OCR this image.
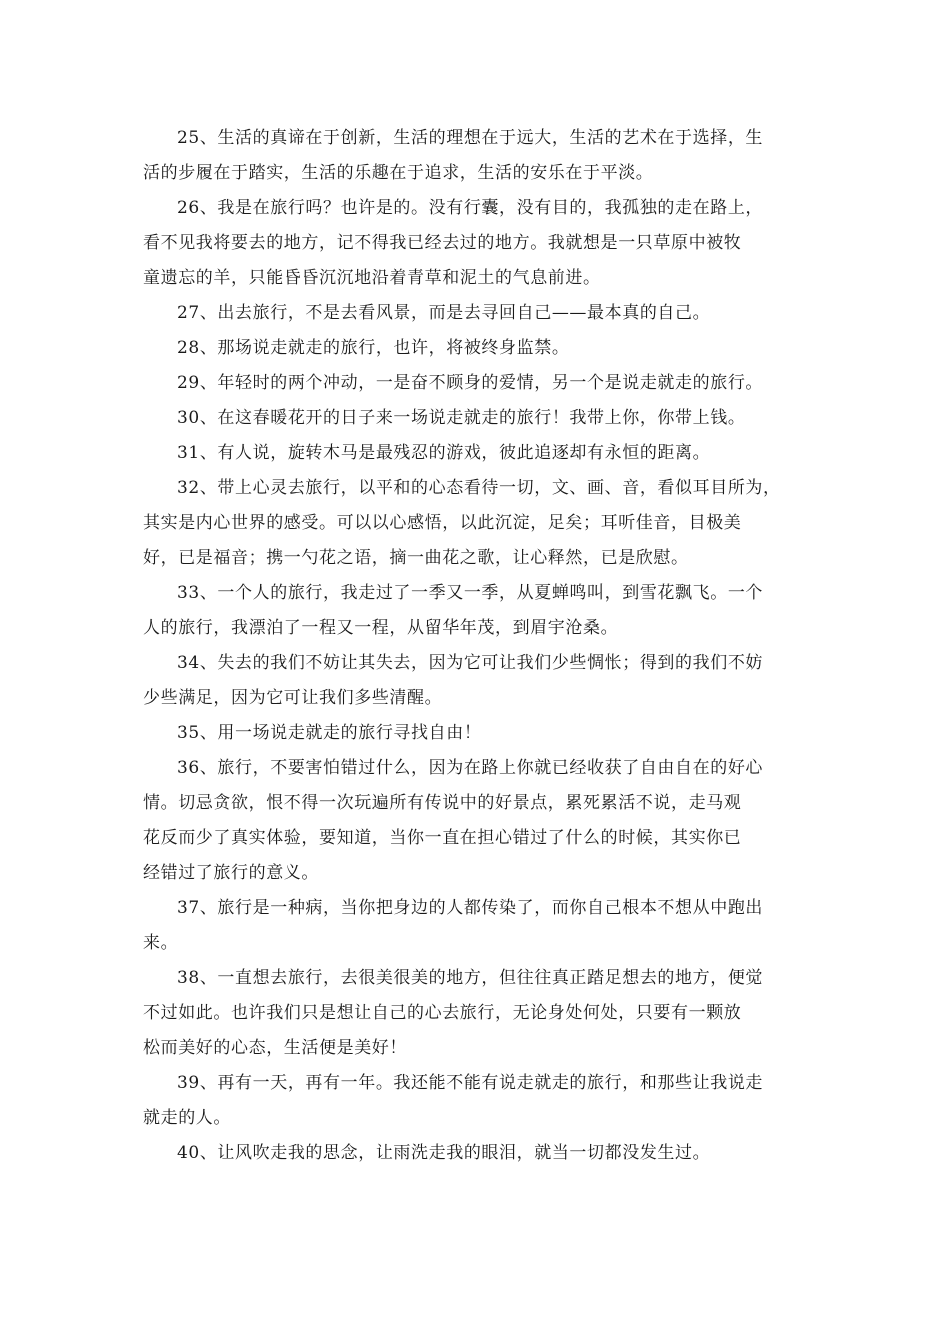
25、生活的真谛在于创新，生活的理想在于远大，生活的艺术在于选择，生
活的步履在于踏实，生活的乐趣在于追求，生活的安乐在于平淡。
26、我是在旅行吗？也许是的。没有行囊，没有目的，我孤独的走在路上，
看不见我将要去的地方，记不得我已经去过的地方。我就想是一只草原中被牧
童遗忘的羊，只能昏昏沉沉地沿着青草和泥土的气息前进。
27、出去旅行，不是去看风景，而是去寻回自己——最本真的自己。
28、那场说走就走的旅行，也许，将被终身监禁。
29、年轻时的两个冲动，一是奋不顾身的爱情，另一个是说走就走的旅行。
30、在这春暖花开的日子来一场说走就走的旅行！我带上你，你带上钱。
31、有人说，旋转木马是最残忍的游戏，彼此追逐却有永恒的距离。
32、带上心灵去旅行，以平和的心态看待一切，文、画、音，看似耳目所为，
其实是内心世界的感受。可以以心感悟，以此沉淀，足矣；耳听佳音，目极美
好，已是福音；携一勺花之语，摘一曲花之歌，让心释然，已是欣慰。
33、一个人的旅行，我走过了一季又一季，从夏蝉鸣叫，到雪花飘飞。一个
人的旅行，我漂泊了一程又一程，从留华年茂，到眉宇沧桑。
34、失去的我们不妨让其失去，因为它可让我们少些惆怅；得到的我们不妨
少些满足，因为它可让我们多些清醒。
35、用一场说走就走的旅行寻找自由！
36、旅行，不要害怕错过什么，因为在路上你就已经收获了自由自在的好心
情。切忌贪欲，恨不得一次玩遍所有传说中的好景点，累死累活不说，走马观
花反而少了真实体验，要知道，当你一直在担心错过了什么的时候，其实你已
经错过了旅行的意义。
37、旅行是一种病，当你把身边的人都传染了，而你自己根本不想从中跑出
来。
38、一直想去旅行，去很美很美的地方，但往往真正踏足想去的地方，便觉
不过如此。也许我们只是想让自己的心去旅行，无论身处何处，只要有一颗放
松而美好的心态，生活便是美好！
39、再有一天，再有一年。我还能不能有说走就走的旅行，和那些让我说走
就走的人。
40、让风吹走我的思念，让雨洗走我的眼泪，就当一切都没发生过。
